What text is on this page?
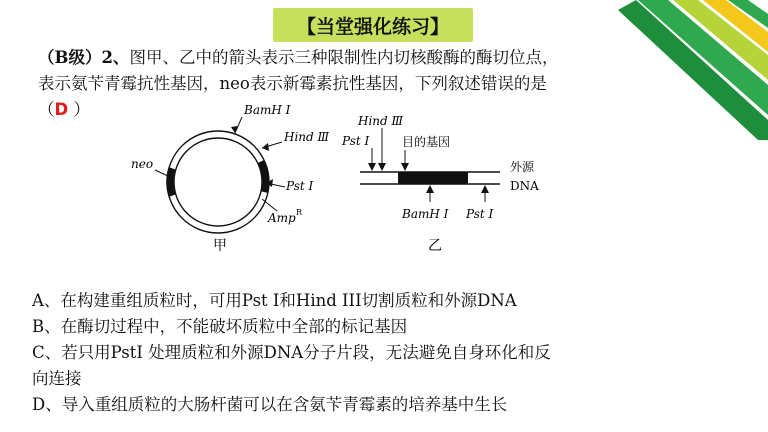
【当堂强化练习】
（B级）2、图甲、乙中的箭头表示三种限制性内切核酸酶的酶切位点，
表示氨苄青霉抗性基因，neo表示新霉素抗性基因，下列叙述错误的是
（D ）	BamH Ⅰ
Hind Ⅲ
Pst Ⅰ
neo
Amp R
甲
Hind Ⅲ
Pst Ⅰ	目的基因
外源
DNA
BamH Ⅰ Pst Ⅰ
乙
A、在构建重组质粒时，可用Pst I和Hind III切割质粒和外源DNA
B、在酶切过程中，不能破坏质粒中全部的标记基因
C、若只用PstI 处理质粒和外源DNA分子片段，无法避免自身环化和反
向连接
D、导入重组质粒的大肠杆菌可以在含氨苄青霉素的培养基中生长
